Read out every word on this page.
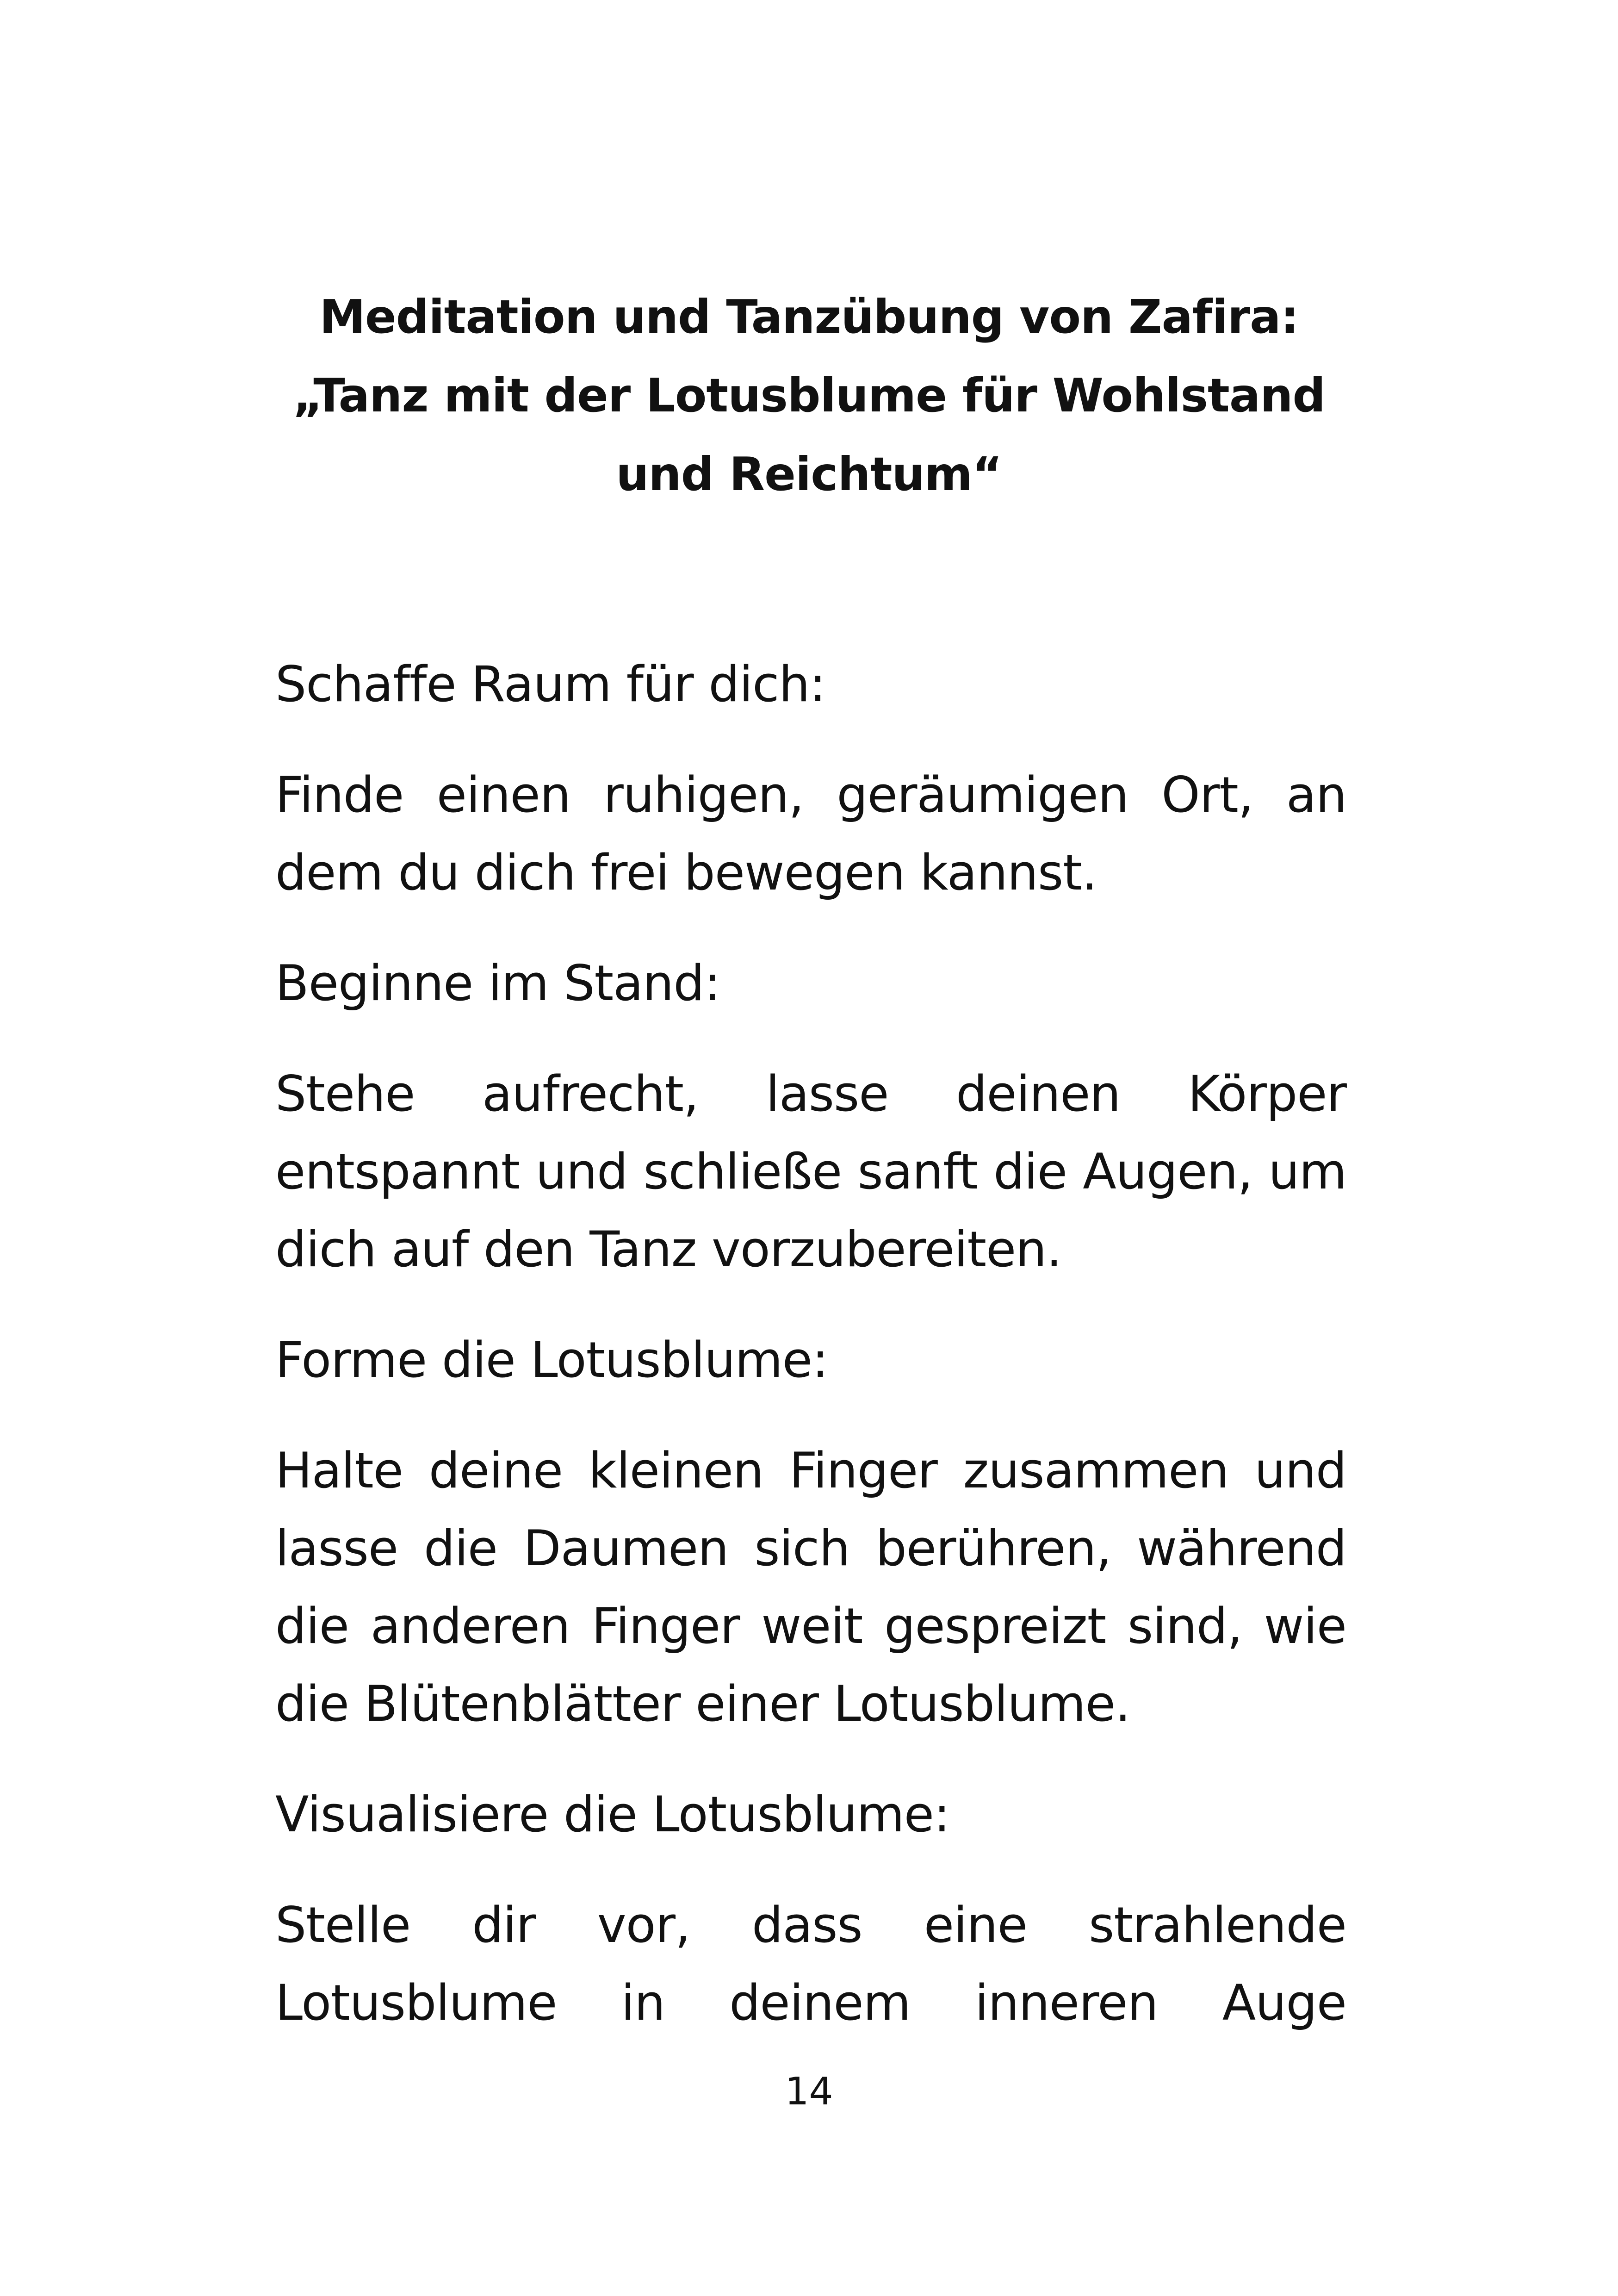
Meditation und Tanzübung von Zafira:
„Tanz mit der Lotusblume für Wohlstand
und Reichtum“

Schaffe Raum für dich:

Finde einen ruhigen, geräumigen Ort, an dem du dich frei bewegen kannst.

Beginne im Stand:

Stehe aufrecht, lasse deinen Körper entspannt und schließe sanft die Augen, um dich auf den Tanz vorzubereiten.

Forme die Lotusblume:

Halte deine kleinen Finger zusammen und lasse die Daumen sich berühren, während die anderen Finger weit gespreizt sind, wie die Blütenblätter einer Lotusblume.

Visualisiere die Lotusblume:

Stelle dir vor, dass eine strahlende Lotusblume in deinem inneren Auge

14
